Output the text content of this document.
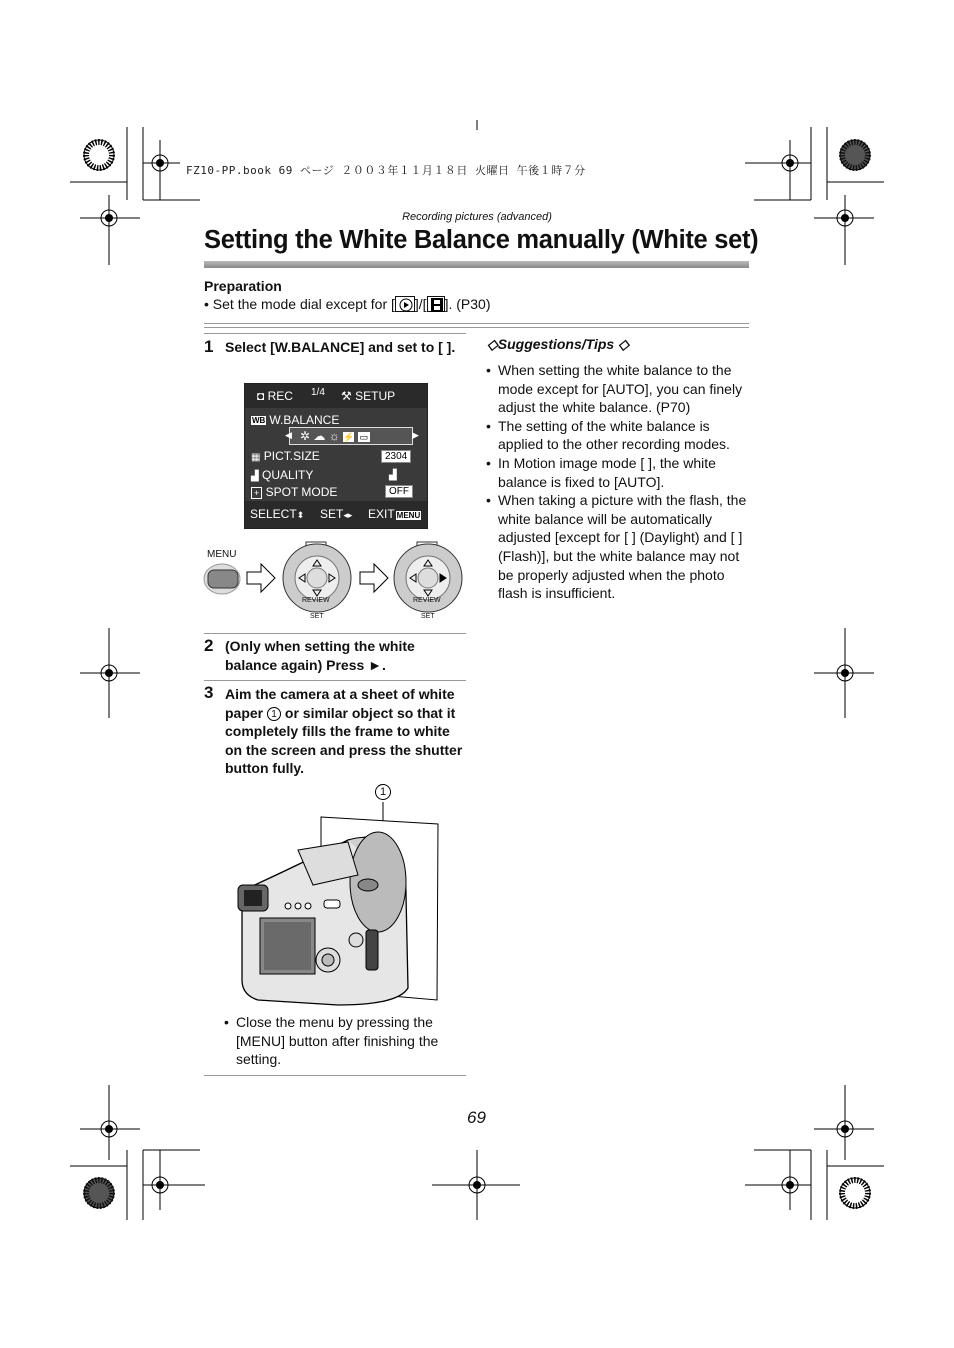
FZ10-PP.book 69 ページ ２００３年１１月１８日 火曜日 午後１時７分
Recording pictures (advanced)
Setting the White Balance manually (White set)
Preparation
• Set the mode dial except for [ ]/[ ]. (P30)
1 Select [W.BALANCE] and set to [ ].
◘ REC 1/4 ⚒ SETUP
WB W.BALANCE
✲ ☁ ☼ ⚡ ▭
◀	▶
▦ PICT.SIZE	2304
▟ QUALITY	▟
+ SPOT MODE	OFF
SELECT⬍ SET◂▸ EXIT MENU
MENU
REVIEW
SET
REVIEW
SET
2 (Only when setting the white balance again) Press ►.
3 Aim the camera at a sheet of white paper 1 or similar object so that it completely fills the frame to white on the screen and press the shutter button fully.
1
• Close the menu by pressing the [MENU] button after finishing the setting.
◇Suggestions/Tips ◇
• When setting the white balance to the mode except for [AUTO], you can finely adjust the white balance. (P70)
• The setting of the white balance is applied to the other recording modes.
• In Motion image mode [ ], the white balance is fixed to [AUTO].
• When taking a picture with the flash, the white balance will be automatically adjusted [except for [ ] (Daylight) and [ ] (Flash)], but the white balance may not be properly adjusted when the photo flash is insufficient.
69
